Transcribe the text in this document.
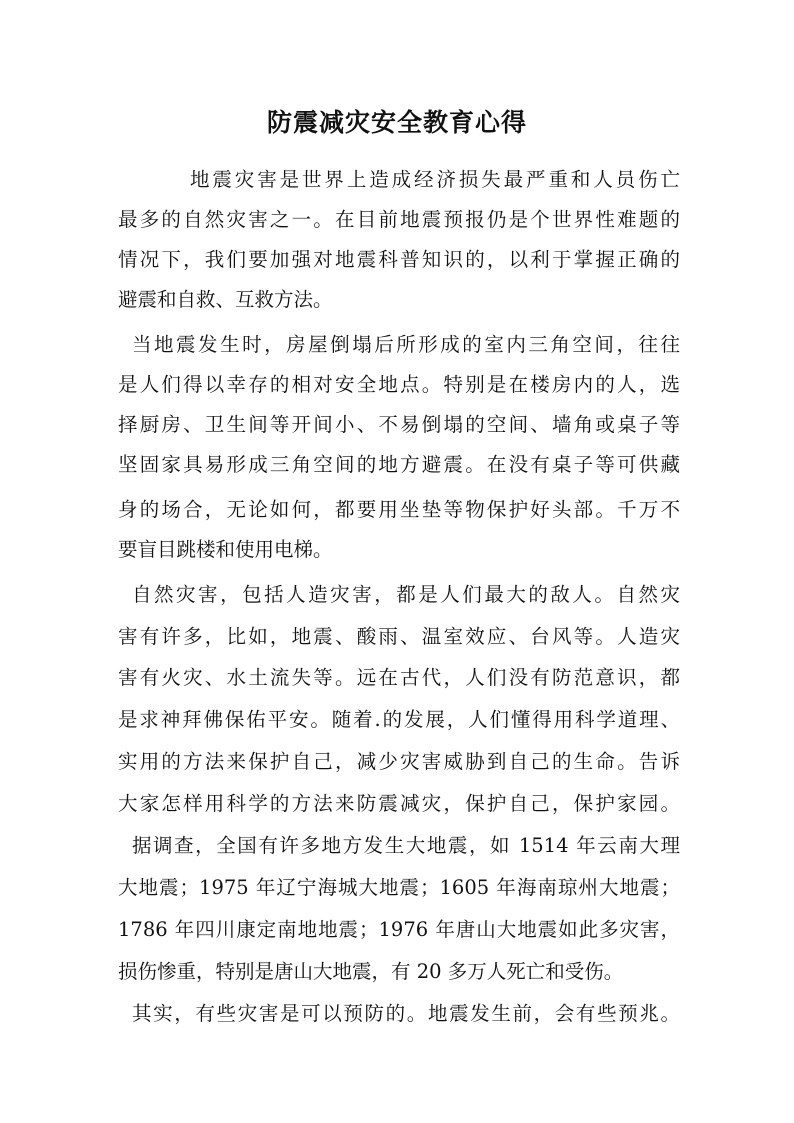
防震减灾安全教育心得

地震灾害是世界上造成经济损失最严重和人员伤亡

最多的自然灾害之一。在目前地震预报仍是个世界性难题的

情况下，我们要加强对地震科普知识的，以利于掌握正确的

避震和自救、互救方法。

当地震发生时，房屋倒塌后所形成的室内三角空间，往往

是人们得以幸存的相对安全地点。特别是在楼房内的人，选

择厨房、卫生间等开间小、不易倒塌的空间、墙角或桌子等

坚固家具易形成三角空间的地方避震。在没有桌子等可供藏

身的场合，无论如何，都要用坐垫等物保护好头部。千万不

要盲目跳楼和使用电梯。

自然灾害，包括人造灾害，都是人们最大的敌人。自然灾

害有许多，比如，地震、酸雨、温室效应、台风等。人造灾

害有火灾、水土流失等。远在古代，人们没有防范意识，都

是求神拜佛保佑平安。随着.的发展，人们懂得用科学道理、

实用的方法来保护自己，减少灾害威胁到自己的生命。告诉

大家怎样用科学的方法来防震减灾，保护自己，保护家园。

据调查，全国有许多地方发生大地震，如 1514 年云南大理

大地震；1975 年辽宁海城大地震；1605 年海南琼州大地震；

1786 年四川康定南地地震；1976 年唐山大地震如此多灾害，

损伤惨重，特别是唐山大地震，有 20 多万人死亡和受伤。

其实，有些灾害是可以预防的。地震发生前，会有些预兆。
